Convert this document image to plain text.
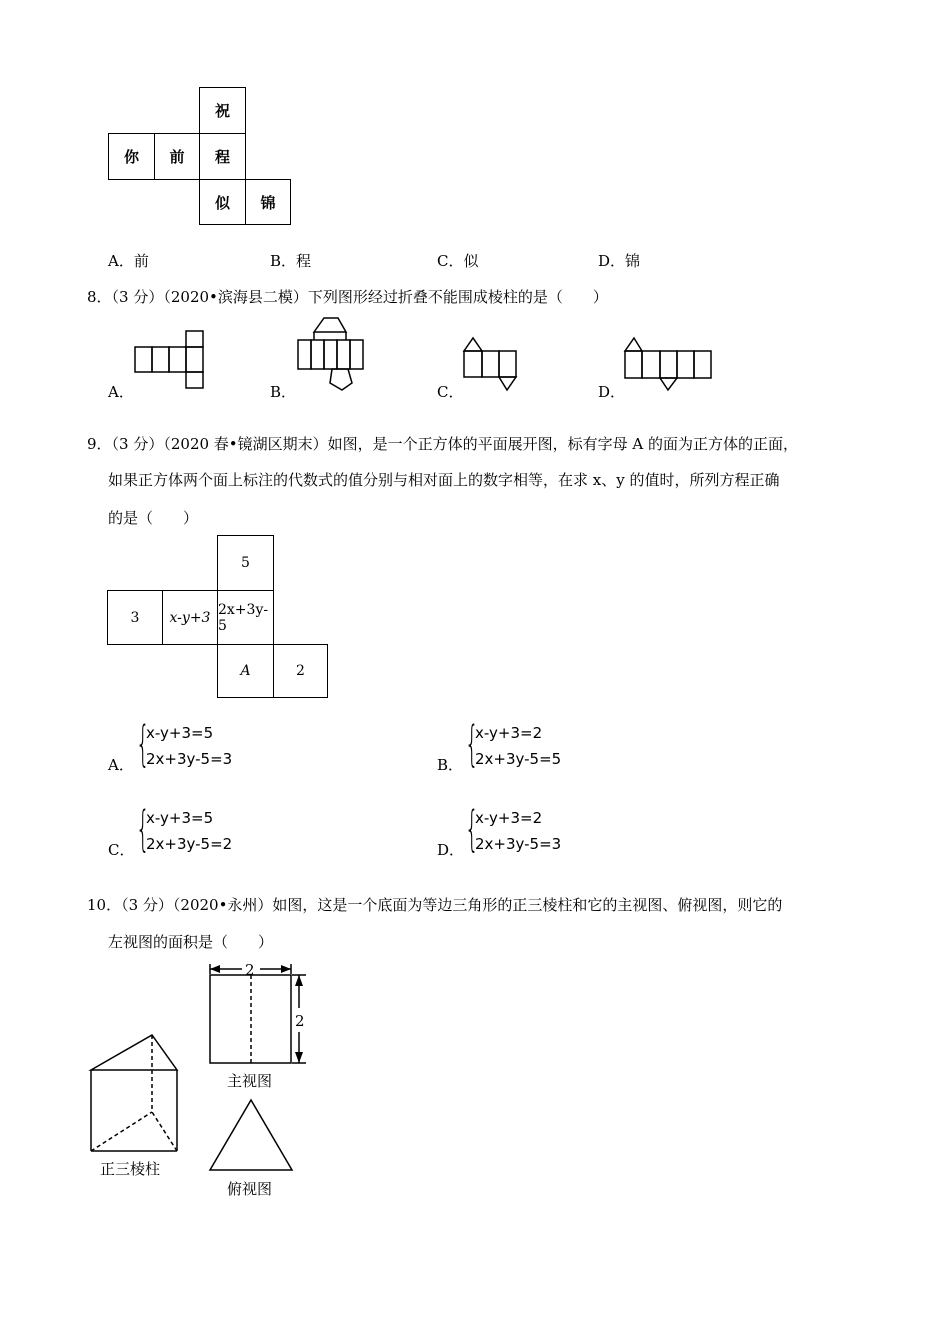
祝
你	前	程
似	锦
A．前	B．程	C．似	D．锦
8．（3 分）（2020•滨海县二模）下列图形经过折叠不能围成棱柱的是（　　）
A．	B．	C．	D．
9．（3 分）（2020 春•镜湖区期末）如图，是一个正方体的平面展开图，标有字母 A 的面为正方体的正面，
如果正方体两个面上标注的代数式的值分别与相对面上的数字相等，在求 x、y 的值时，所列方程正确
的是（　　）
5
3	x-y+3 2x+3y-5
A	2
A． {
x-y+3=5
2x+3y-5=3	B． {
x-y+3=2
2x+3y-5=5
C． {
x-y+3=5
2x+3y-5=2	D． {
x-y+3=2
2x+3y-5=3
10．（3 分）（2020•永州）如图，这是一个底面为等边三角形的正三棱柱和它的主视图、俯视图，则它的
左视图的面积是（　　）
正三棱柱
2
2
主视图
俯视图
